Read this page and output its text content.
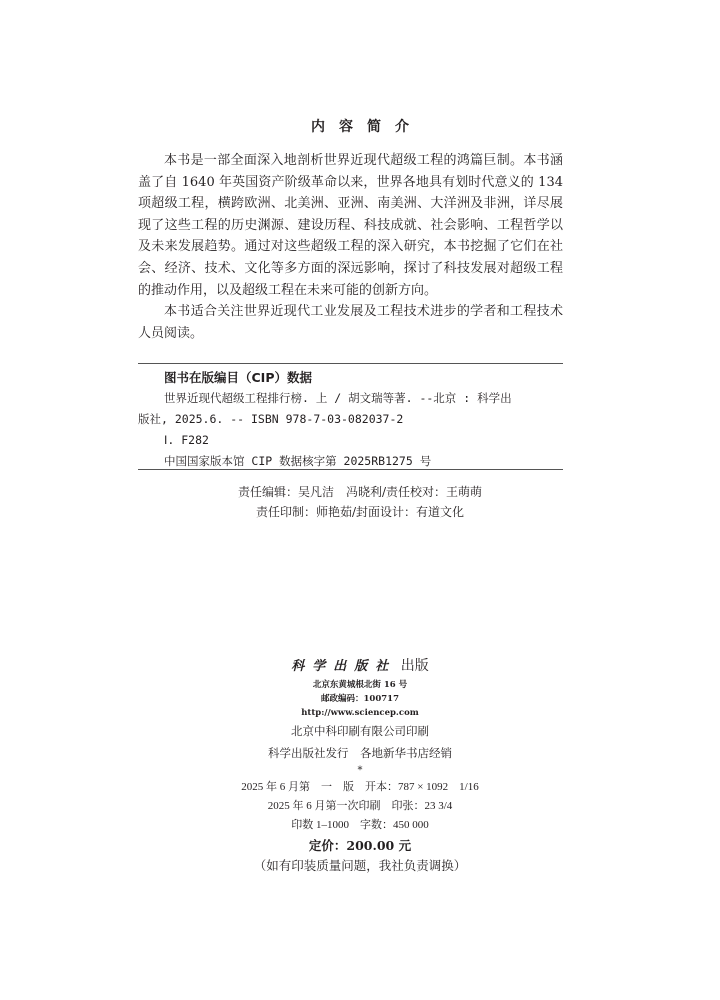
内容简介

本书是一部全面深入地剖析世界近现代超级工程的鸿篇巨制。本书涵盖了自 1640 年英国资产阶级革命以来，世界各地具有划时代意义的 134 项超级工程，横跨欧洲、北美洲、亚洲、南美洲、大洋洲及非洲，详尽展现了这些工程的历史渊源、建设历程、科技成就、社会影响、工程哲学以及未来发展趋势。通过对这些超级工程的深入研究，本书挖掘了它们在社会、经济、技术、文化等多方面的深远影响，探讨了科技发展对超级工程的推动作用，以及超级工程在未来可能的创新方向。

本书适合关注世界近现代工业发展及工程技术进步的学者和工程技术人员阅读。

图书在版编目（CIP）数据
世界近现代超级工程排行榜. 上 / 胡文瑞等著. --北京 : 科学出
版社, 2025.6. -- ISBN 978-7-03-082037-2
Ⅰ. F282
中国国家版本馆 CIP 数据核字第 2025RB1275 号
责任编辑：吴凡洁　冯晓利/责任校对：王萌萌
责任印制：师艳茹/封面设计：有道文化
科学出版社 出版
北京东黄城根北街 16 号
邮政编码：100717
http://www.sciencep.com
北京中科印刷有限公司印刷
科学出版社发行　各地新华书店经销
*
2025 年 6 月第　一　版　开本：787 × 1092　1/16
2025 年 6 月第一次印刷　印张：23 3/4
印数 1–1000　字数：450 000
定价：200.00 元
（如有印装质量问题，我社负责调换）
